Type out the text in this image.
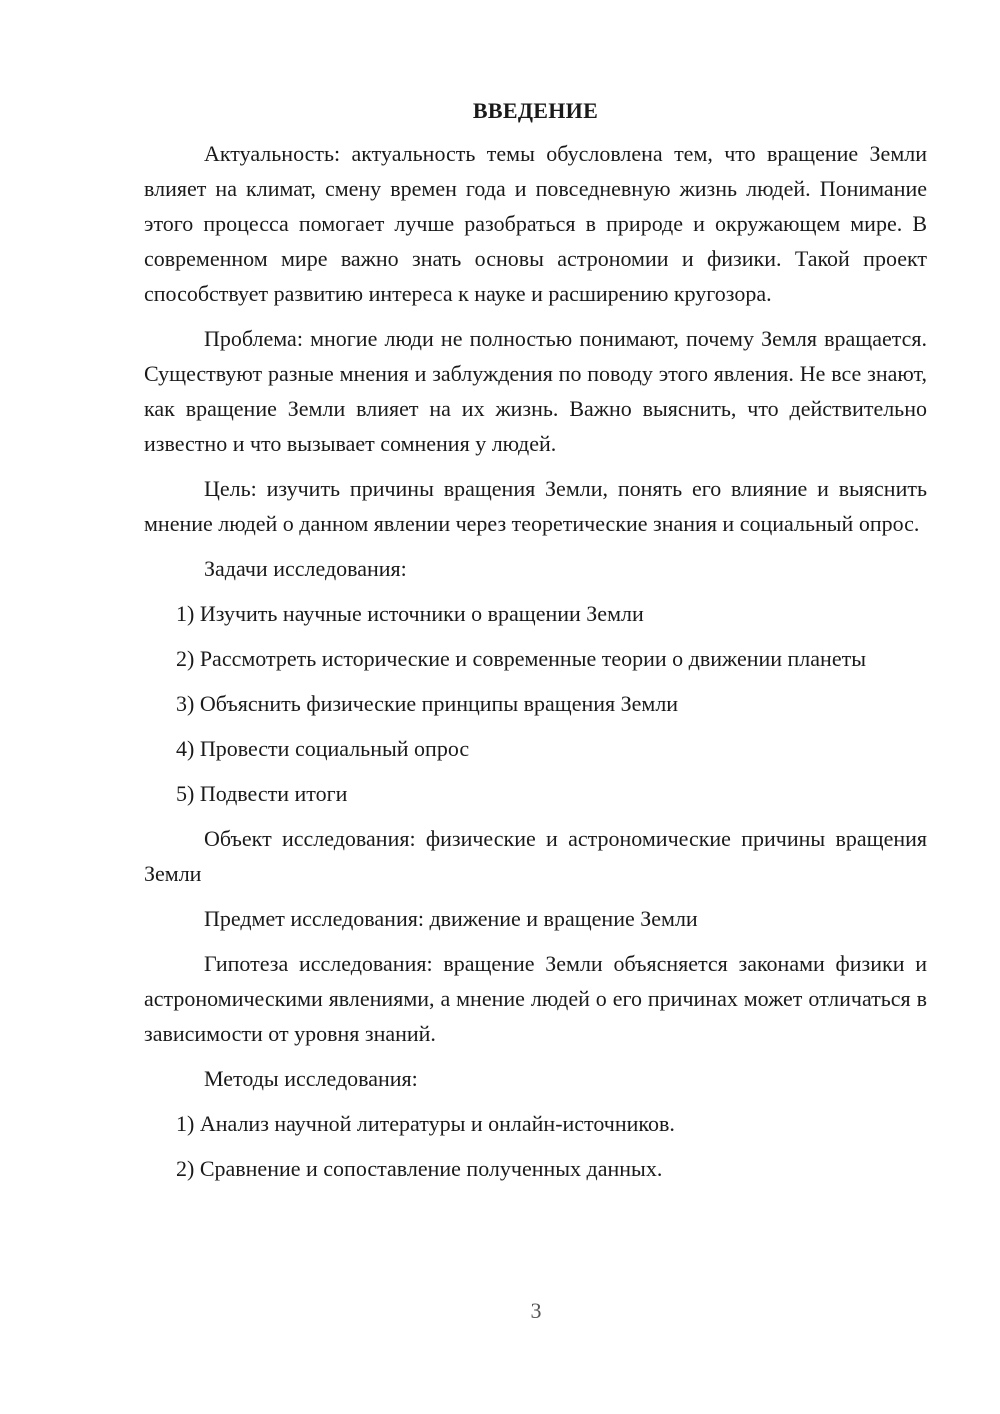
ВВЕДЕНИЕ

Актуальность: актуальность темы обусловлена тем, что вращение Земли влияет на климат, смену времен года и повседневную жизнь людей. Понимание этого процесса помогает лучше разобраться в природе и окружающем мире. В современном мире важно знать основы астрономии и физики. Такой проект способствует развитию интереса к науке и расширению кругозора.

Проблема: многие люди не полностью понимают, почему Земля вращается. Существуют разные мнения и заблуждения по поводу этого явления. Не все знают, как вращение Земли влияет на их жизнь. Важно выяснить, что действительно известно и что вызывает сомнения у людей.

Цель: изучить причины вращения Земли, понять его влияние и выяснить мнение людей о данном явлении через теоретические знания и социальный опрос.

Задачи исследования:

1) Изучить научные источники о вращении Земли

2) Рассмотреть исторические и современные теории о движении планеты

3) Объяснить физические принципы вращения Земли

4) Провести социальный опрос

5) Подвести итоги

Объект исследования: физические и астрономические причины вращения Земли

Предмет исследования: движение и вращение Земли

Гипотеза исследования: вращение Земли объясняется законами физики и астрономическими явлениями, а мнение людей о его причинах может отличаться в зависимости от уровня знаний.

Методы исследования:

1) Анализ научной литературы и онлайн-источников.

2) Сравнение и сопоставление полученных данных.

3
